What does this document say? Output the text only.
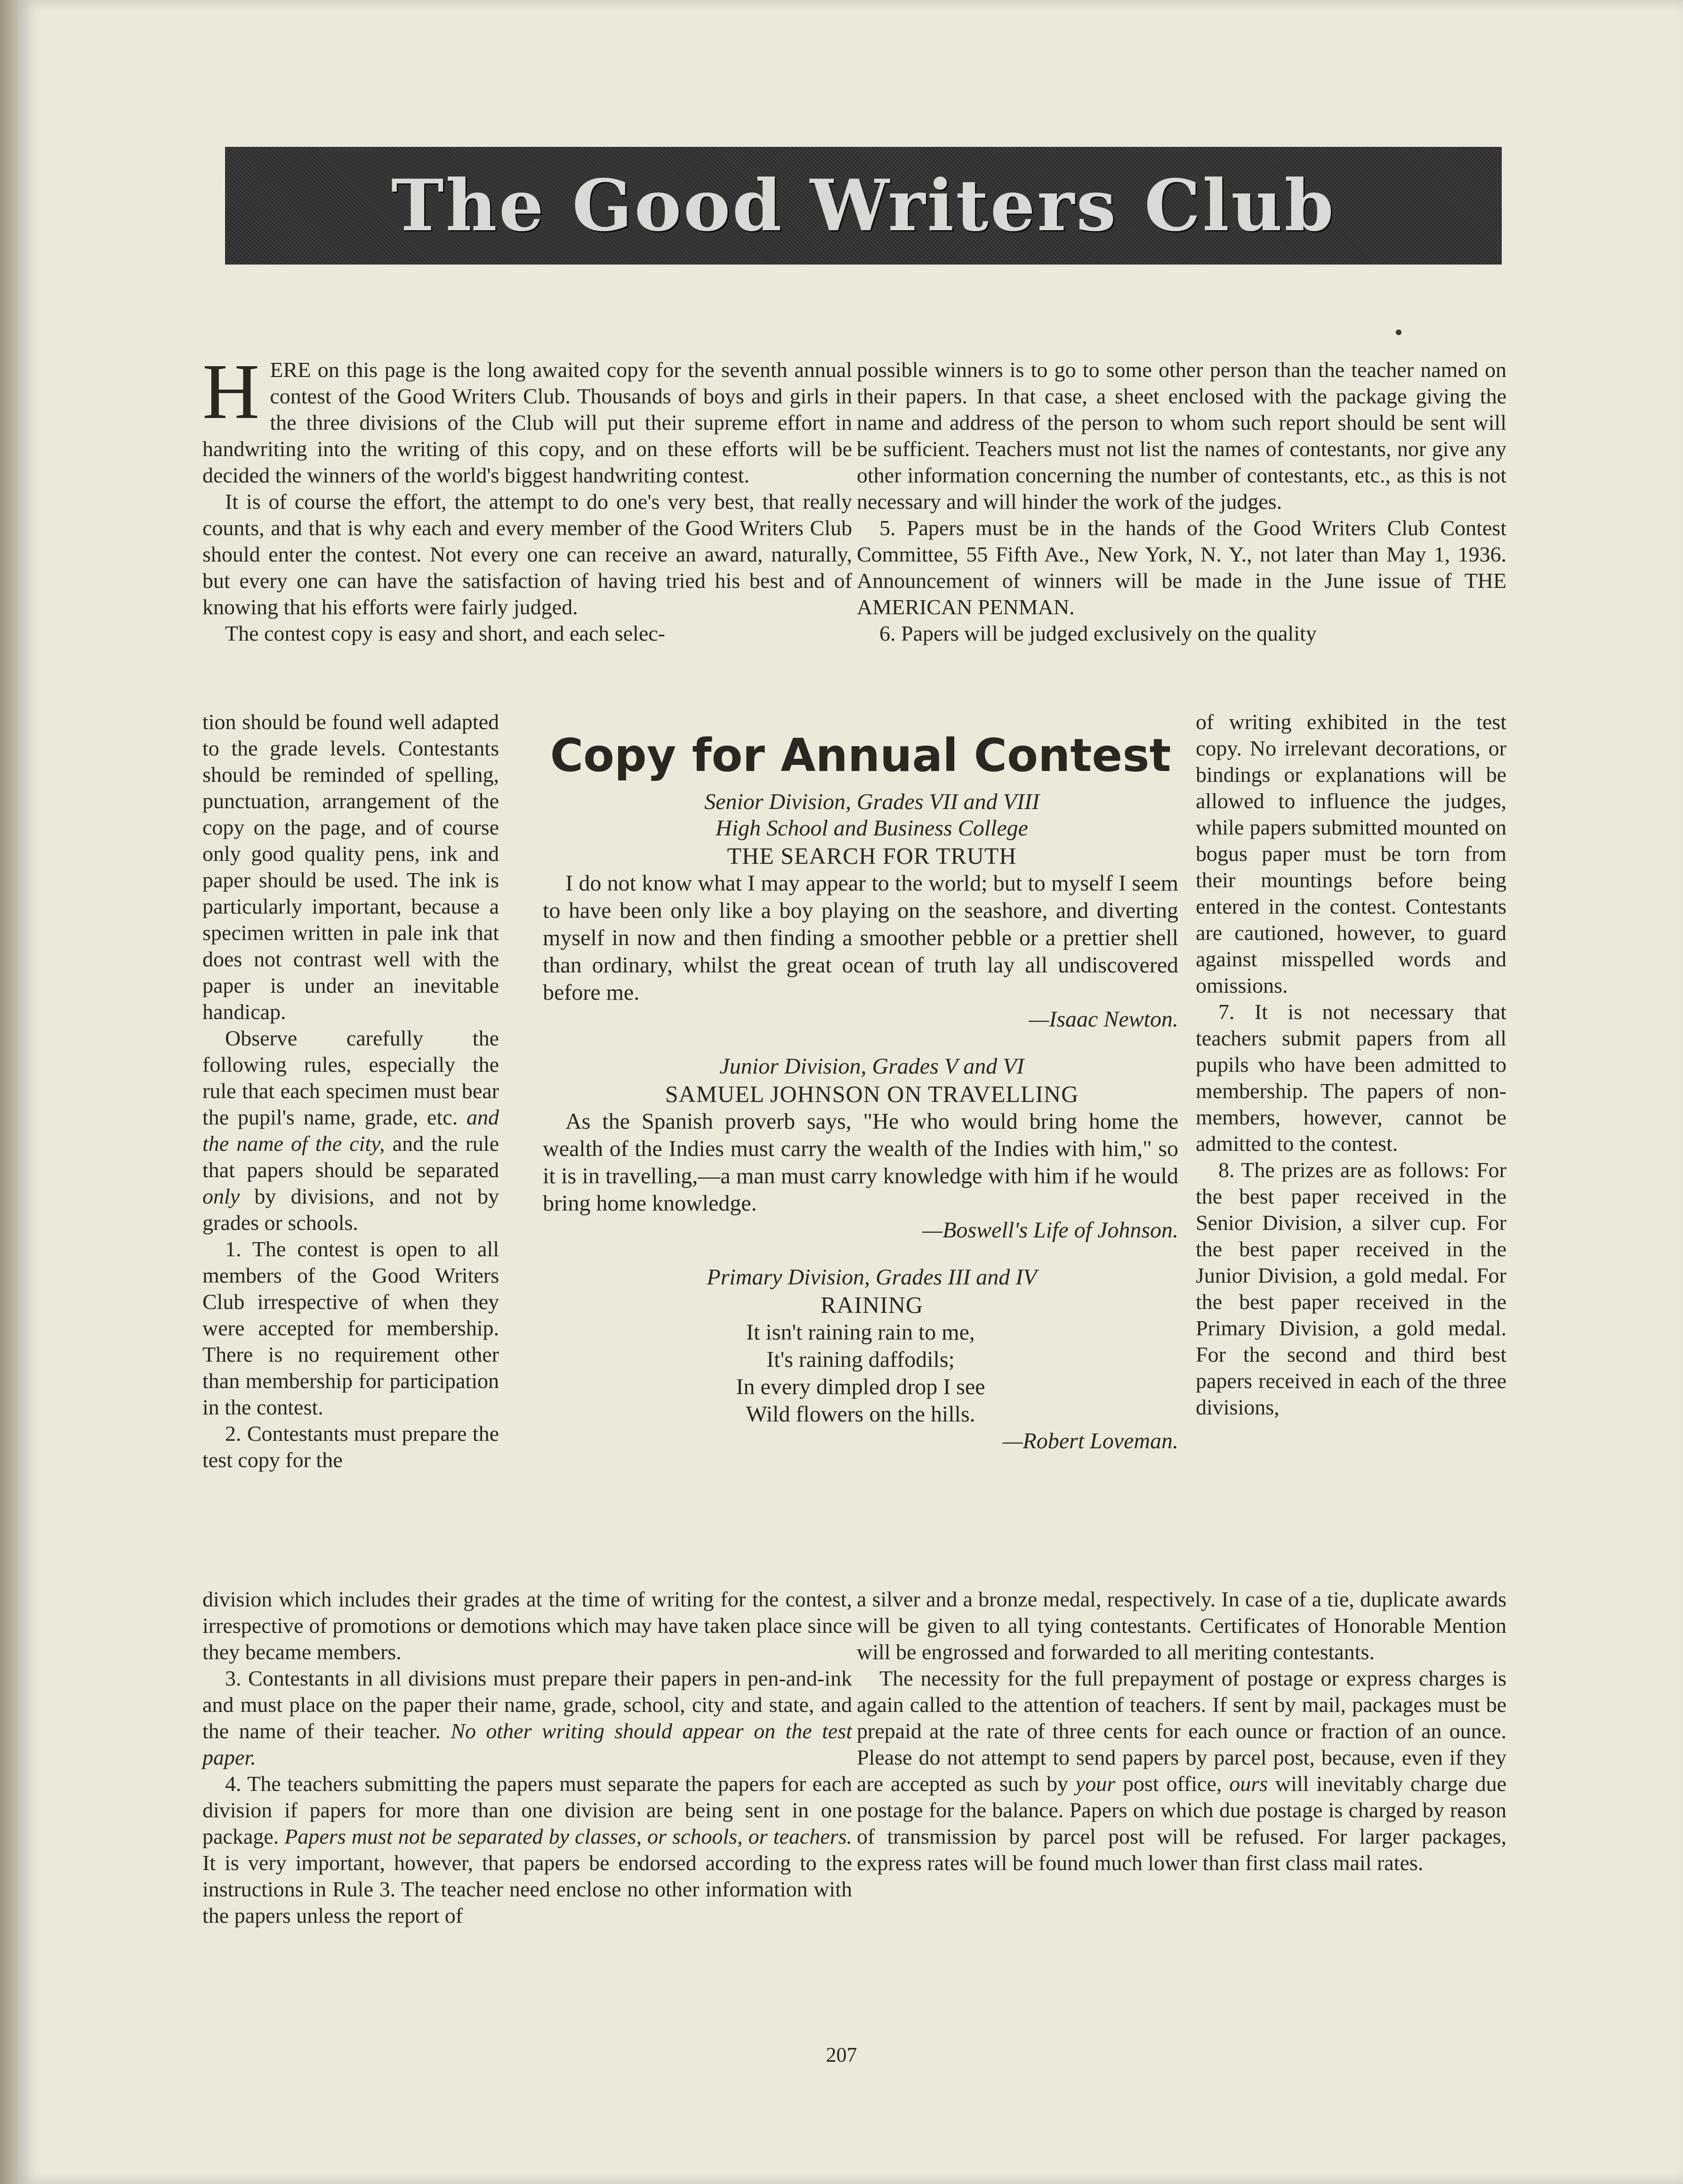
The Good Writers Club

HERE on this page is the long awaited copy for the seventh annual contest of the Good Writers Club. Thousands of boys and girls in the three divisions of the Club will put their supreme effort in handwriting into the writing of this copy, and on these efforts will be decided the winners of the world's biggest handwriting contest.

It is of course the effort, the attempt to do one's very best, that really counts, and that is why each and every member of the Good Writers Club should enter the contest. Not every one can receive an award, naturally, but every one can have the satisfaction of having tried his best and of knowing that his efforts were fairly judged.

The contest copy is easy and short, and each selec-

tion should be found well adapted to the grade levels. Contestants should be reminded of spelling, punctuation, arrangement of the copy on the page, and of course only good quality pens, ink and paper should be used. The ink is particularly important, because a specimen written in pale ink that does not contrast well with the paper is under an inevitable handicap.

Observe carefully the following rules, especially the rule that each specimen must bear the pupil's name, grade, etc. and the name of the city, and the rule that papers should be separated only by divisions, and not by grades or schools.

1. The contest is open to all members of the Good Writers Club irrespective of when they were accepted for membership. There is no requirement other than membership for participation in the contest.

2. Contestants must prepare the test copy for the

division which includes their grades at the time of writing for the contest, irrespective of promotions or demotions which may have taken place since they became members.

3. Contestants in all divisions must prepare their papers in pen-and-ink and must place on the paper their name, grade, school, city and state, and the name of their teacher. No other writing should appear on the test paper.

4. The teachers submitting the papers must separate the papers for each division if papers for more than one division are being sent in one package. Papers must not be separated by classes, or schools, or teachers. It is very important, however, that papers be endorsed according to the instructions in Rule 3. The teacher need enclose no other information with the papers unless the report of

possible winners is to go to some other person than the teacher named on their papers. In that case, a sheet enclosed with the package giving the name and address of the person to whom such report should be sent will be sufficient. Teachers must not list the names of contestants, nor give any other information concerning the number of contestants, etc., as this is not necessary and will hinder the work of the judges.

5. Papers must be in the hands of the Good Writers Club Contest Committee, 55 Fifth Ave., New York, N. Y., not later than May 1, 1936. Announcement of winners will be made in the June issue of THE AMERICAN PENMAN.

6. Papers will be judged exclusively on the quality

of writing exhibited in the test copy. No irrelevant decorations, or bindings or explanations will be allowed to influence the judges, while papers submitted mounted on bogus paper must be torn from their mountings before being entered in the contest. Contestants are cautioned, however, to guard against misspelled words and omissions.

7. It is not necessary that teachers submit papers from all pupils who have been admitted to membership. The papers of non-members, however, cannot be admitted to the contest.

8. The prizes are as follows: For the best paper received in the Senior Division, a silver cup. For the best paper received in the Junior Division, a gold medal. For the best paper received in the Primary Division, a gold medal. For the second and third best papers received in each of the three divisions,

a silver and a bronze medal, respectively. In case of a tie, duplicate awards will be given to all tying contestants. Certificates of Honorable Mention will be engrossed and forwarded to all meriting contestants.

The necessity for the full prepayment of postage or express charges is again called to the attention of teachers. If sent by mail, packages must be prepaid at the rate of three cents for each ounce or fraction of an ounce. Please do not attempt to send papers by parcel post, because, even if they are accepted as such by your post office, ours will inevitably charge due postage for the balance. Papers on which due postage is charged by reason of transmission by parcel post will be refused. For larger packages, express rates will be found much lower than first class mail rates.

Copy for Annual Contest

Senior Division, Grades VII and VIII

High School and Business College

THE SEARCH FOR TRUTH

I do not know what I may appear to the world; but to myself I seem to have been only like a boy playing on the seashore, and diverting myself in now and then finding a smoother pebble or a prettier shell than ordinary, whilst the great ocean of truth lay all undiscovered before me.

—Isaac Newton.

Junior Division, Grades V and VI

SAMUEL JOHNSON ON TRAVELLING

As the Spanish proverb says, "He who would bring home the wealth of the Indies must carry the wealth of the Indies with him," so it is in travelling,—a man must carry knowledge with him if he would bring home knowledge.

—Boswell's Life of Johnson.

Primary Division, Grades III and IV

RAINING

It isn't raining rain to me,
It's raining daffodils;
In every dimpled drop I see
Wild flowers on the hills.

—Robert Loveman.

207
